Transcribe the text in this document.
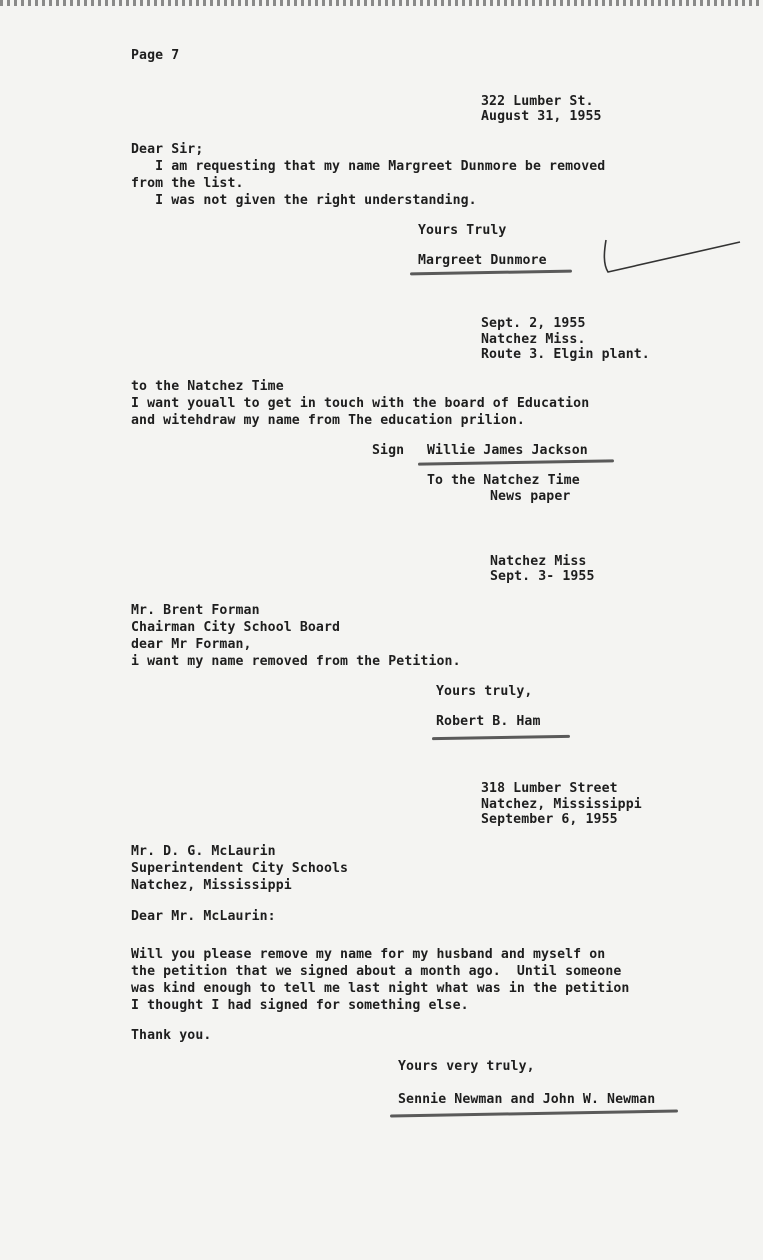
Page 7
322 Lumber St.
August 31, 1955
Dear Sir;
I am requesting that my name Margreet Dunmore be removed
from the list.
I was not given the right understanding.
Yours Truly
Margreet Dunmore
Sept. 2, 1955
Natchez Miss.
Route 3. Elgin plant.
to the Natchez Time
I want youall to get in touch with the board of Education
and witehdraw my name from The education prilion.
Sign Willie James Jackson
To the Natchez Time
News paper
Natchez Miss
Sept. 3- 1955
Mr. Brent Forman
Chairman City School Board
dear Mr Forman,
i want my name removed from the Petition.
Yours truly,
Robert B. Ham
318 Lumber Street
Natchez, Mississippi
September 6, 1955
Mr. D. G. McLaurin
Superintendent City Schools
Natchez, Mississippi
Dear Mr. McLaurin:
Will you please remove my name for my husband and myself on
the petition that we signed about a month ago.  Until someone
was kind enough to tell me last night what was in the petition
I thought I had signed for something else.
Thank you.
Yours very truly,
Sennie Newman and John W. Newman
